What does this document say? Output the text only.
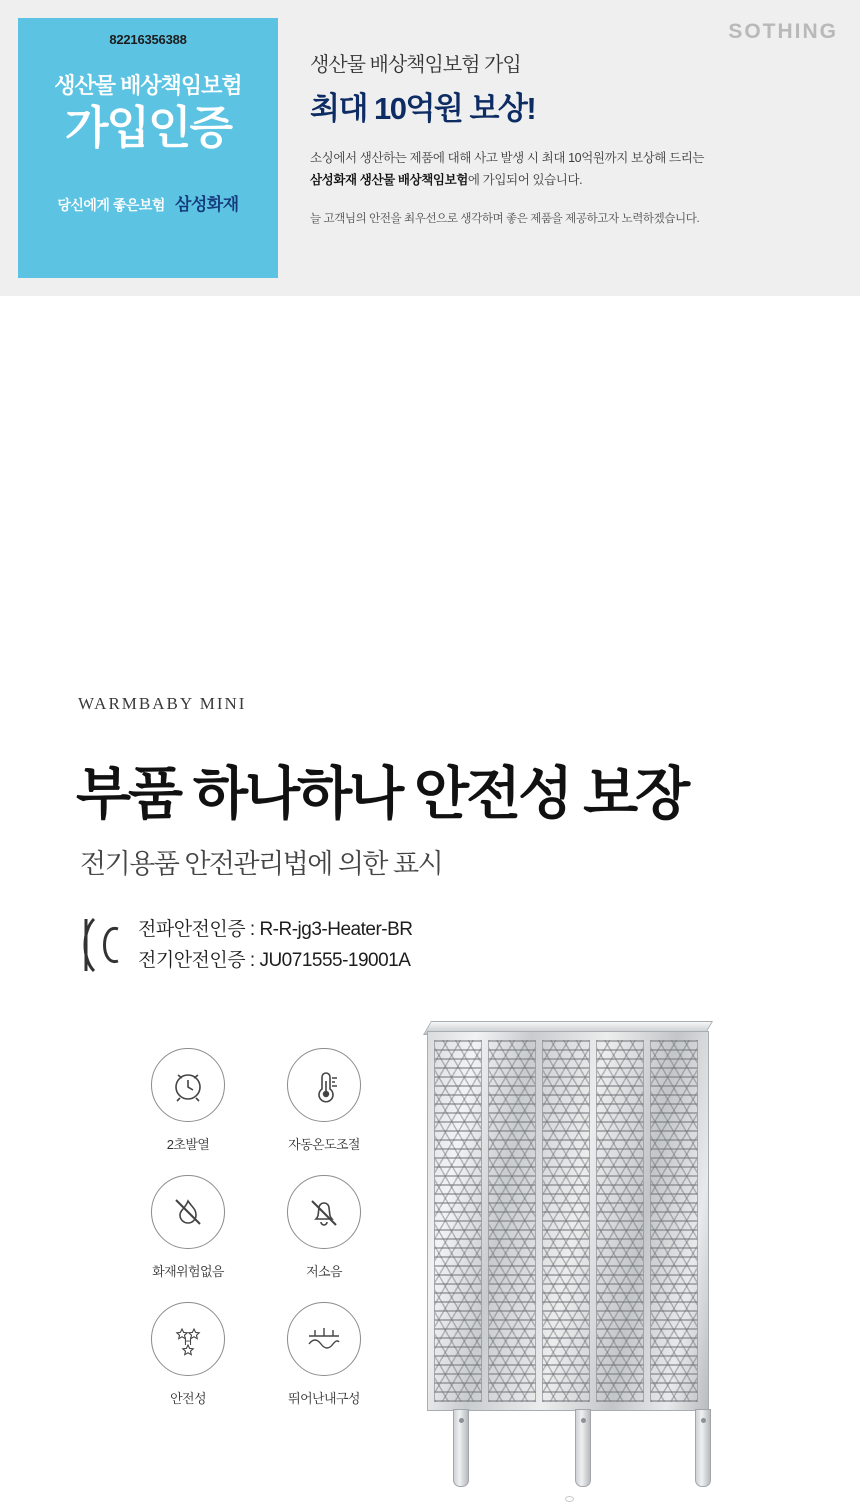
SOTHING
82216356388
생산물 배상책임보험
가입인증
당신에게 좋은보험 삼성화재
생산물 배상책임보험 가입
최대 10억원 보상!
소싱에서 생산하는 제품에 대해 사고 발생 시 최대 10억원까지 보상해 드리는
삼성화재 생산물 배상책임보험에 가입되어 있습니다.
늘 고객님의 안전을 최우선으로 생각하며 좋은 제품을 제공하고자 노력하겠습니다.
WARMBABY MINI
부품 하나하나 안전성 보장
전기용품 안전관리법에 의한 표시
전파안전인증 : R-R-jg3-Heater-BR
전기안전인증 : JU071555-19001A
2초발열	자동온도조절
화재위험없음	저소음
H
안전성	뛰어난내구성
